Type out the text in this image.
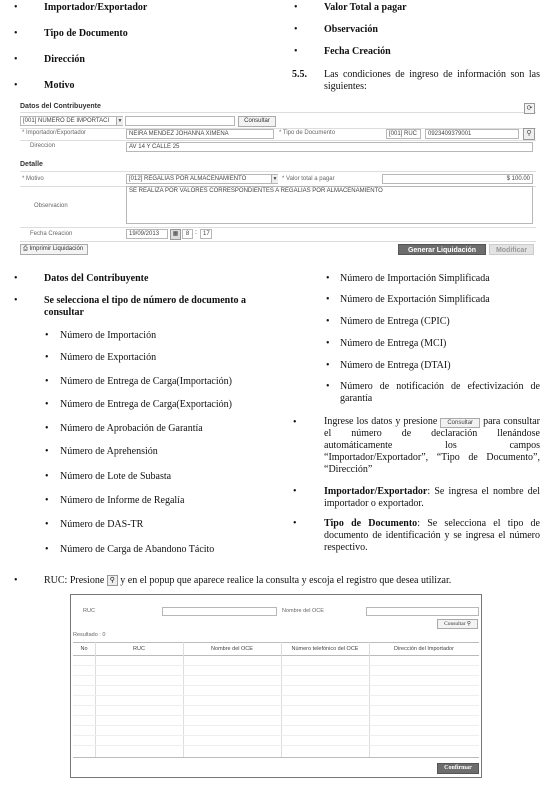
•	Importador/Exportador
•	Tipo de Documento
•	Dirección
•	Motivo
•	Valor Total a pagar
•	Observación
•	Fecha Creación
5.5. Las condiciones de ingreso de información son las siguientes:
Datos del Contribuyente	⟳
[001] NUMERO DE IMPORTACI	▼	Consultar
* Importador/Exportador	NEIRA MENDEZ JOHANNA XIMENA	* Tipo de Documento	[001] RUC	0923409379001	⚲
Direccion	AV 14 Y CALLE 25
Detalle
* Motivo	[012] REGALIAS POR ALMACENAMIENTO	▼ * Valor total a pagar	$ 100.00
Observacion
SE REALIZA POR VALORES CORRESPONDIENTES A REGALIAS POR ALMACENAMIENTO
Fecha Creacion	19/09/2013	▦	8 :	17
⎙ Imprimir Liquidación	Generar Liquidación	Modificar
•	Datos del Contribuyente
•	Se selecciona el tipo de número de documento a consultar
• Número de Importación
• Número de Exportación
• Número de Entrega de Carga(Importación)
• Número de Entrega de Carga(Exportación)
• Número de Aprobación de Garantía
• Número de Aprehensión
• Número de Lote de Subasta
• Número de Informe de Regalía
• Número de DAS-TR
• Número de Carga de Abandono Tácito
• Número de Importación Simplificada
• Número de Exportación Simplificada
• Número de Entrega (CPIC)
• Número de Entrega (MCI)
• Número de Entrega (DTAI)
• Número de notificación de efectivización de garantía
•	Ingrese los datos y presione Consultar para consultar el número de declaración llenándose automáticamente los campos “Importador/Exportador”, “Tipo de Documento”, “Dirección”
•	Importador/Exportador: Se ingresa el nombre del importador o exportador.
•	Tipo de Documento: Se selecciona el tipo de documento de identificación y se ingresa el número respectivo.
•	RUC: Presione ⚲ y en el popup que aparece realice la consulta y escoja el registro que desea utilizar.
RUC	Nombre del OCE
Consultar ⚲
Resultado : 0
No	RUC	Nombre del OCE	Número telefónico del OCE	Dirección del Importador
Confirmar
